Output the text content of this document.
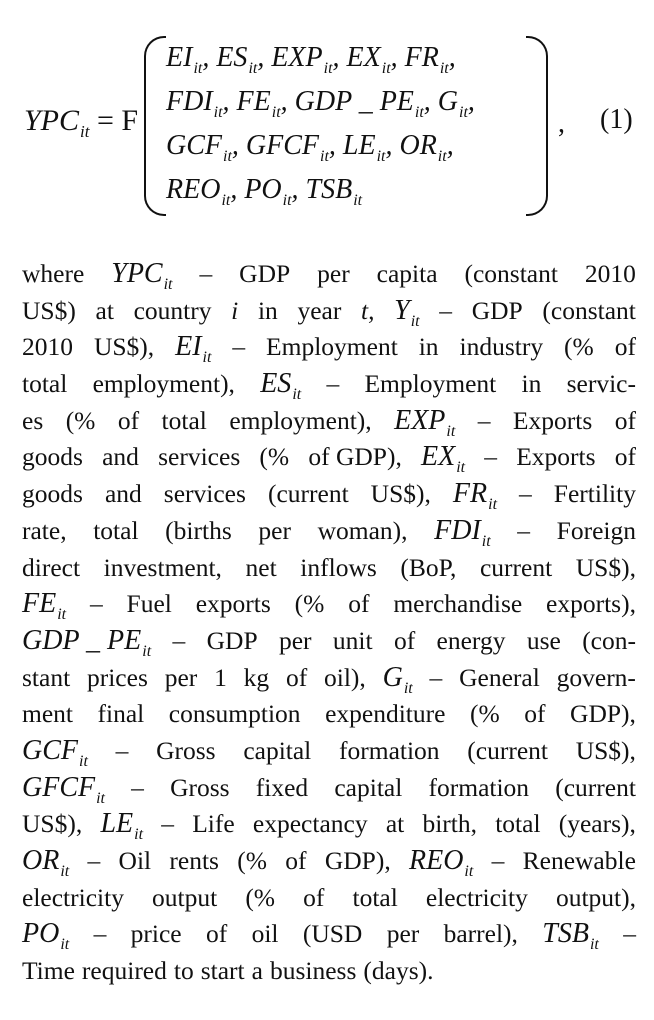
$YPC_{it} = F$
$EI_{it}$, $ES_{it}$, $EXP_{it}$, $EX_{it}$, $FR_{it}$,
$FDI_{it}$, $FE_{it}$, GDP _ $PE_{it}$, $G_{it}$,
$GCF_{it}$, $GFCF_{it}$, $LE_{it}$, $OR_{it}$,
$REO_{it}$, $PO_{it}$, $TSB_{it}$
, (1)
where $YPC_{it}$ – GDP per capita (constant 2010
US$) at country i in year t, $Y_{it}$ – GDP (constant
2010 US$), $EI_{it}$ – Employment in industry (% of
total employment), $ES_{it}$ – Employment in servic-
es (% of total employment), $EXP_{it}$ – Exports of
goods and services (% of GDP), $EX_{it}$ – Exports of
goods and services (current US$), $FR_{it}$ – Fertility
rate, total (births per woman), $FDI_{it}$ – Foreign
direct investment, net inflows (BoP, current US$),
$FE_{it}$ – Fuel exports (% of merchandise exports),
GDP _ $PE_{it}$ – GDP per unit of energy use (con-
stant prices per 1 kg of oil), $G_{it}$ – General govern-
ment final consumption expenditure (% of GDP),
$GCF_{it}$ – Gross capital formation (current US$),
$GFCF_{it}$ – Gross fixed capital formation (current
US$), $LE_{it}$ – Life expectancy at birth, total (years),
$OR_{it}$ – Oil rents (% of GDP), $REO_{it}$ – Renewable
electricity output (% of total electricity output),
$PO_{it}$ – price of oil (USD per barrel), $TSB_{it}$ –
Time required to start a business (days).
